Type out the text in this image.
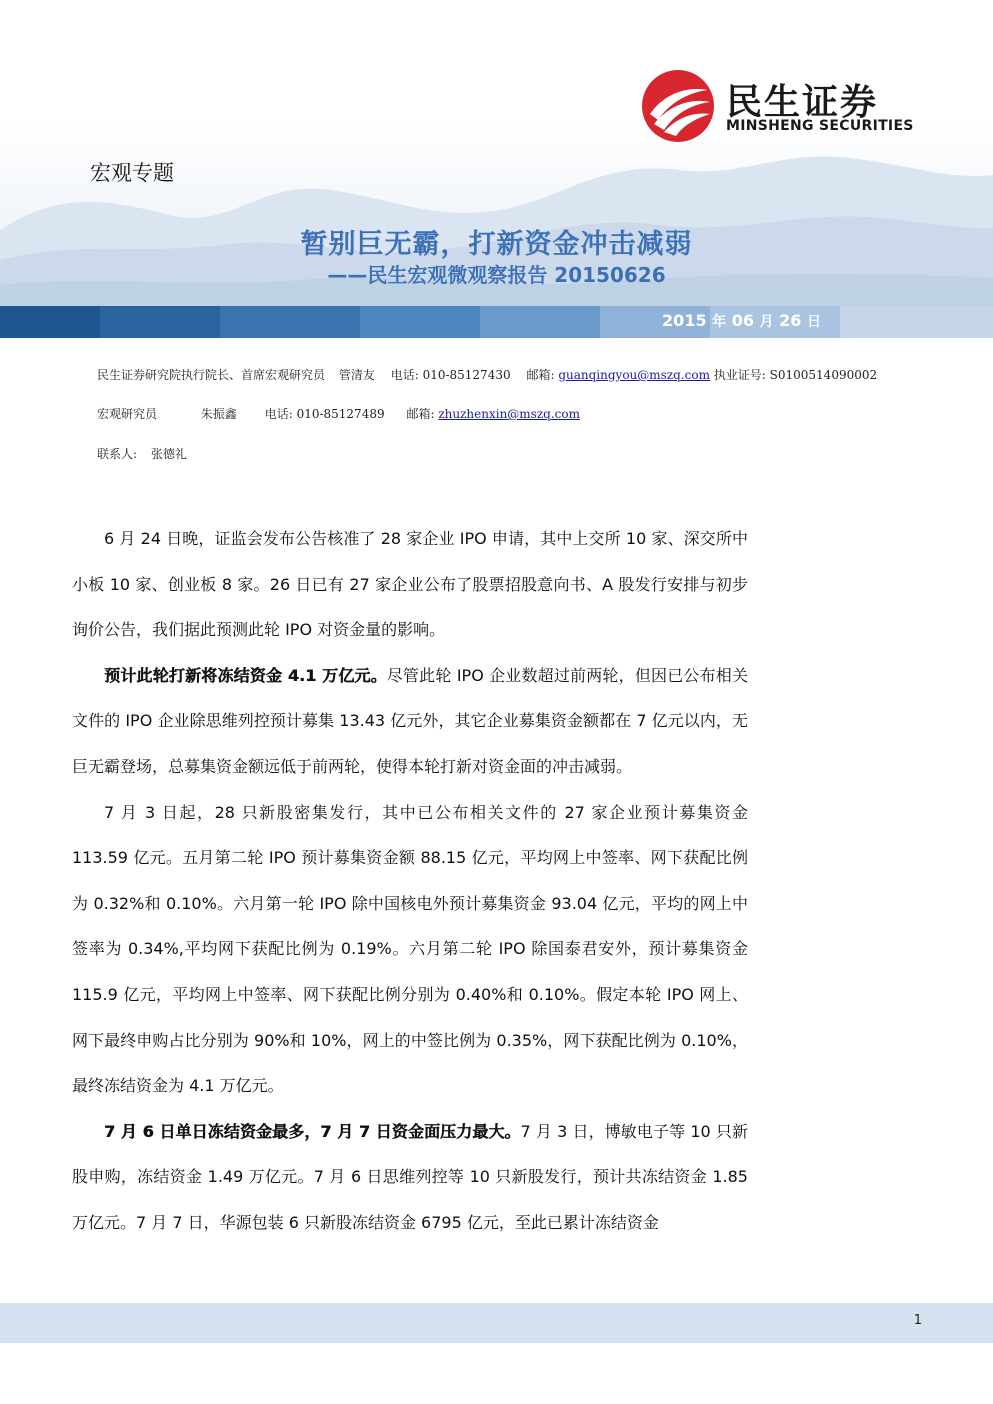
民生证券
MINSHENG SECURITIES
宏观专题
暂别巨无霸，打新资金冲击减弱
——民生宏观微观察报告 20150626
2015 年 06 月 26 日
民生证券研究院执行院长、首席宏观研究员 管清友 电话: 010-85127430 邮箱: guanqingyou@mszq.com 执业证号: S0100514090002
宏观研究员	朱振鑫 电话: 010-85127489 邮箱: zhuzhenxin@mszq.com
联系人: 张德礼

6 月 24 日晚，证监会发布公告核准了 28 家企业 IPO 申请，其中上交所 10 家、深交所中小板 10 家、创业板 8 家。26 日已有 27 家企业公布了股票招股意向书、A 股发行安排与初步询价公告，我们据此预测此轮 IPO 对资金量的影响。

预计此轮打新将冻结资金 4.1 万亿元。尽管此轮 IPO 企业数超过前两轮，但因已公布相关文件的 IPO 企业除思维列控预计募集 13.43 亿元外，其它企业募集资金额都在 7 亿元以内，无巨无霸登场，总募集资金额远低于前两轮，使得本轮打新对资金面的冲击减弱。

7 月 3 日起，28 只新股密集发行，其中已公布相关文件的 27 家企业预计募集资金 113.59 亿元。五月第二轮 IPO 预计募集资金额 88.15 亿元，平均网上中签率、网下获配比例为 0.32%和 0.10%。六月第一轮 IPO 除中国核电外预计募集资金 93.04 亿元，平均的网上中签率为 0.34%,平均网下获配比例为 0.19%。六月第二轮 IPO 除国泰君安外，预计募集资金 115.9 亿元，平均网上中签率、网下获配比例分别为 0.40%和 0.10%。假定本轮 IPO 网上、网下最终申购占比分别为 90%和 10%，网上的中签比例为 0.35%，网下获配比例为 0.10%，最终冻结资金为 4.1 万亿元。

7 月 6 日单日冻结资金最多，7 月 7 日资金面压力最大。7 月 3 日，博敏电子等 10 只新股申购，冻结资金 1.49 万亿元。7 月 6 日思维列控等 10 只新股发行，预计共冻结资金 1.85 万亿元。7 月 7 日，华源包装 6 只新股冻结资金 6795 亿元，至此已累计冻结资金

1
